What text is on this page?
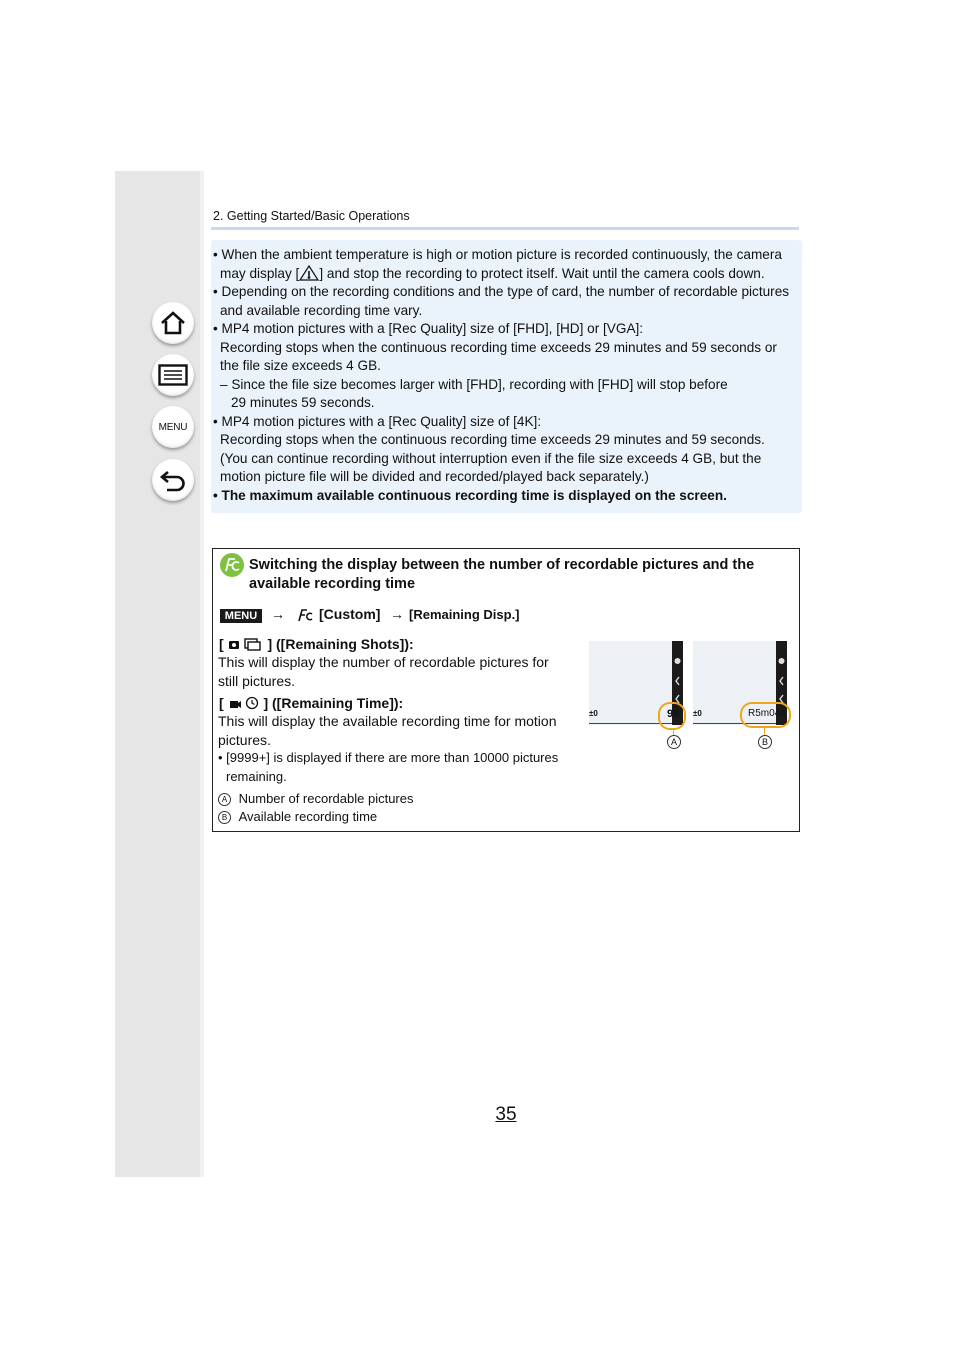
MENU
2. Getting Started/Basic Operations

• When the ambient temperature is high or motion picture is recorded continuously, the camera

may display [ ] and stop the recording to protect itself. Wait until the camera cools down.

• Depending on the recording conditions and the type of card, the number of recordable pictures

and available recording time vary.

• MP4 motion pictures with a [Rec Quality] size of [FHD], [HD] or [VGA]:

Recording stops when the continuous recording time exceeds 29 minutes and 59 seconds or

the file size exceeds 4 GB.

– Since the file size becomes larger with [FHD], recording with [FHD] will stop before

29 minutes 59 seconds.

• MP4 motion pictures with a [Rec Quality] size of [4K]:

Recording stops when the continuous recording time exceeds 29 minutes and 59 seconds.

(You can continue recording without interruption even if the file size exceeds 4 GB, but the

motion picture file will be divided and recorded/played back separately.)

• The maximum available continuous recording time is displayed on the screen.

Switching the display between the number of recordable pictures and the
available recording time
MENU → [Custom] → [Remaining Disp.]
[	] ([Remaining Shots]):
This will display the number of recordable pictures for
still pictures.
[	] ([Remaining Time]):
This will display the available recording time for motion
pictures.
• [9999+] is displayed if there are more than 10000 pictures
remaining.
A Number of recordable pictures
B Available recording time
±0	98
A
±0	R5m04s
B
35
